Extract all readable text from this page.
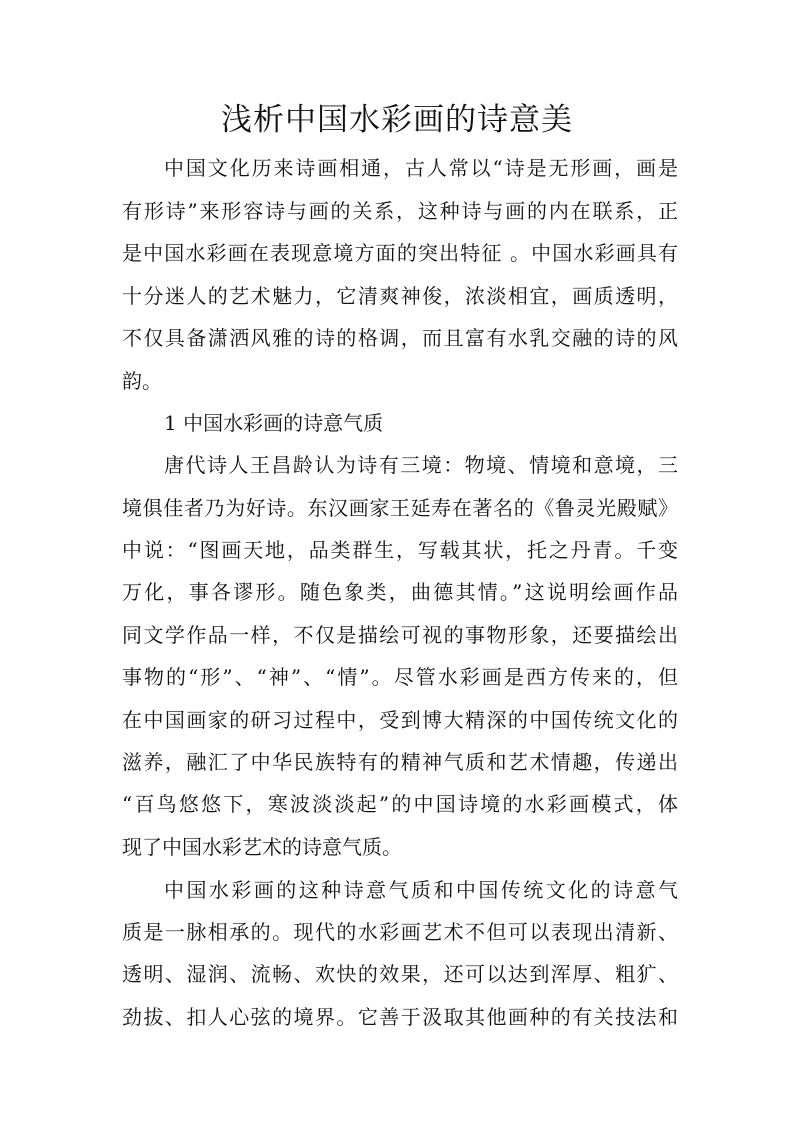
浅析中国水彩画的诗意美

中国文化历来诗画相通，古人常以“诗是无形画，画是

有形诗”来形容诗与画的关系，这种诗与画的内在联系，正

是中国水彩画在表现意境方面的突出特征 。中国水彩画具有

十分迷人的艺术魅力，它清爽神俊，浓淡相宜，画质透明，

不仅具备潇洒风雅的诗的格调，而且富有水乳交融的诗的风

韵。

1 中国水彩画的诗意气质

唐代诗人王昌龄认为诗有三境：物境、情境和意境，三

境俱佳者乃为好诗。东汉画家王延寿在著名的《鲁灵光殿赋》

中说：“图画天地，品类群生，写载其状，托之丹青。千变

万化，事各谬形。随色象类，曲德其情。”这说明绘画作品

同文学作品一样，不仅是描绘可视的事物形象，还要描绘出

事物的“形”、“神”、“情”。尽管水彩画是西方传来的，但

在中国画家的研习过程中，受到博大精深的中国传统文化的

滋养，融汇了中华民族特有的精神气质和艺术情趣，传递出

“百鸟悠悠下，寒波淡淡起”的中国诗境的水彩画模式，体

现了中国水彩艺术的诗意气质。

中国水彩画的这种诗意气质和中国传统文化的诗意气

质是一脉相承的。现代的水彩画艺术不但可以表现出清新、

透明、湿润、流畅、欢快的效果，还可以达到浑厚、粗犷、

劲拔、扣人心弦的境界。它善于汲取其他画种的有关技法和
